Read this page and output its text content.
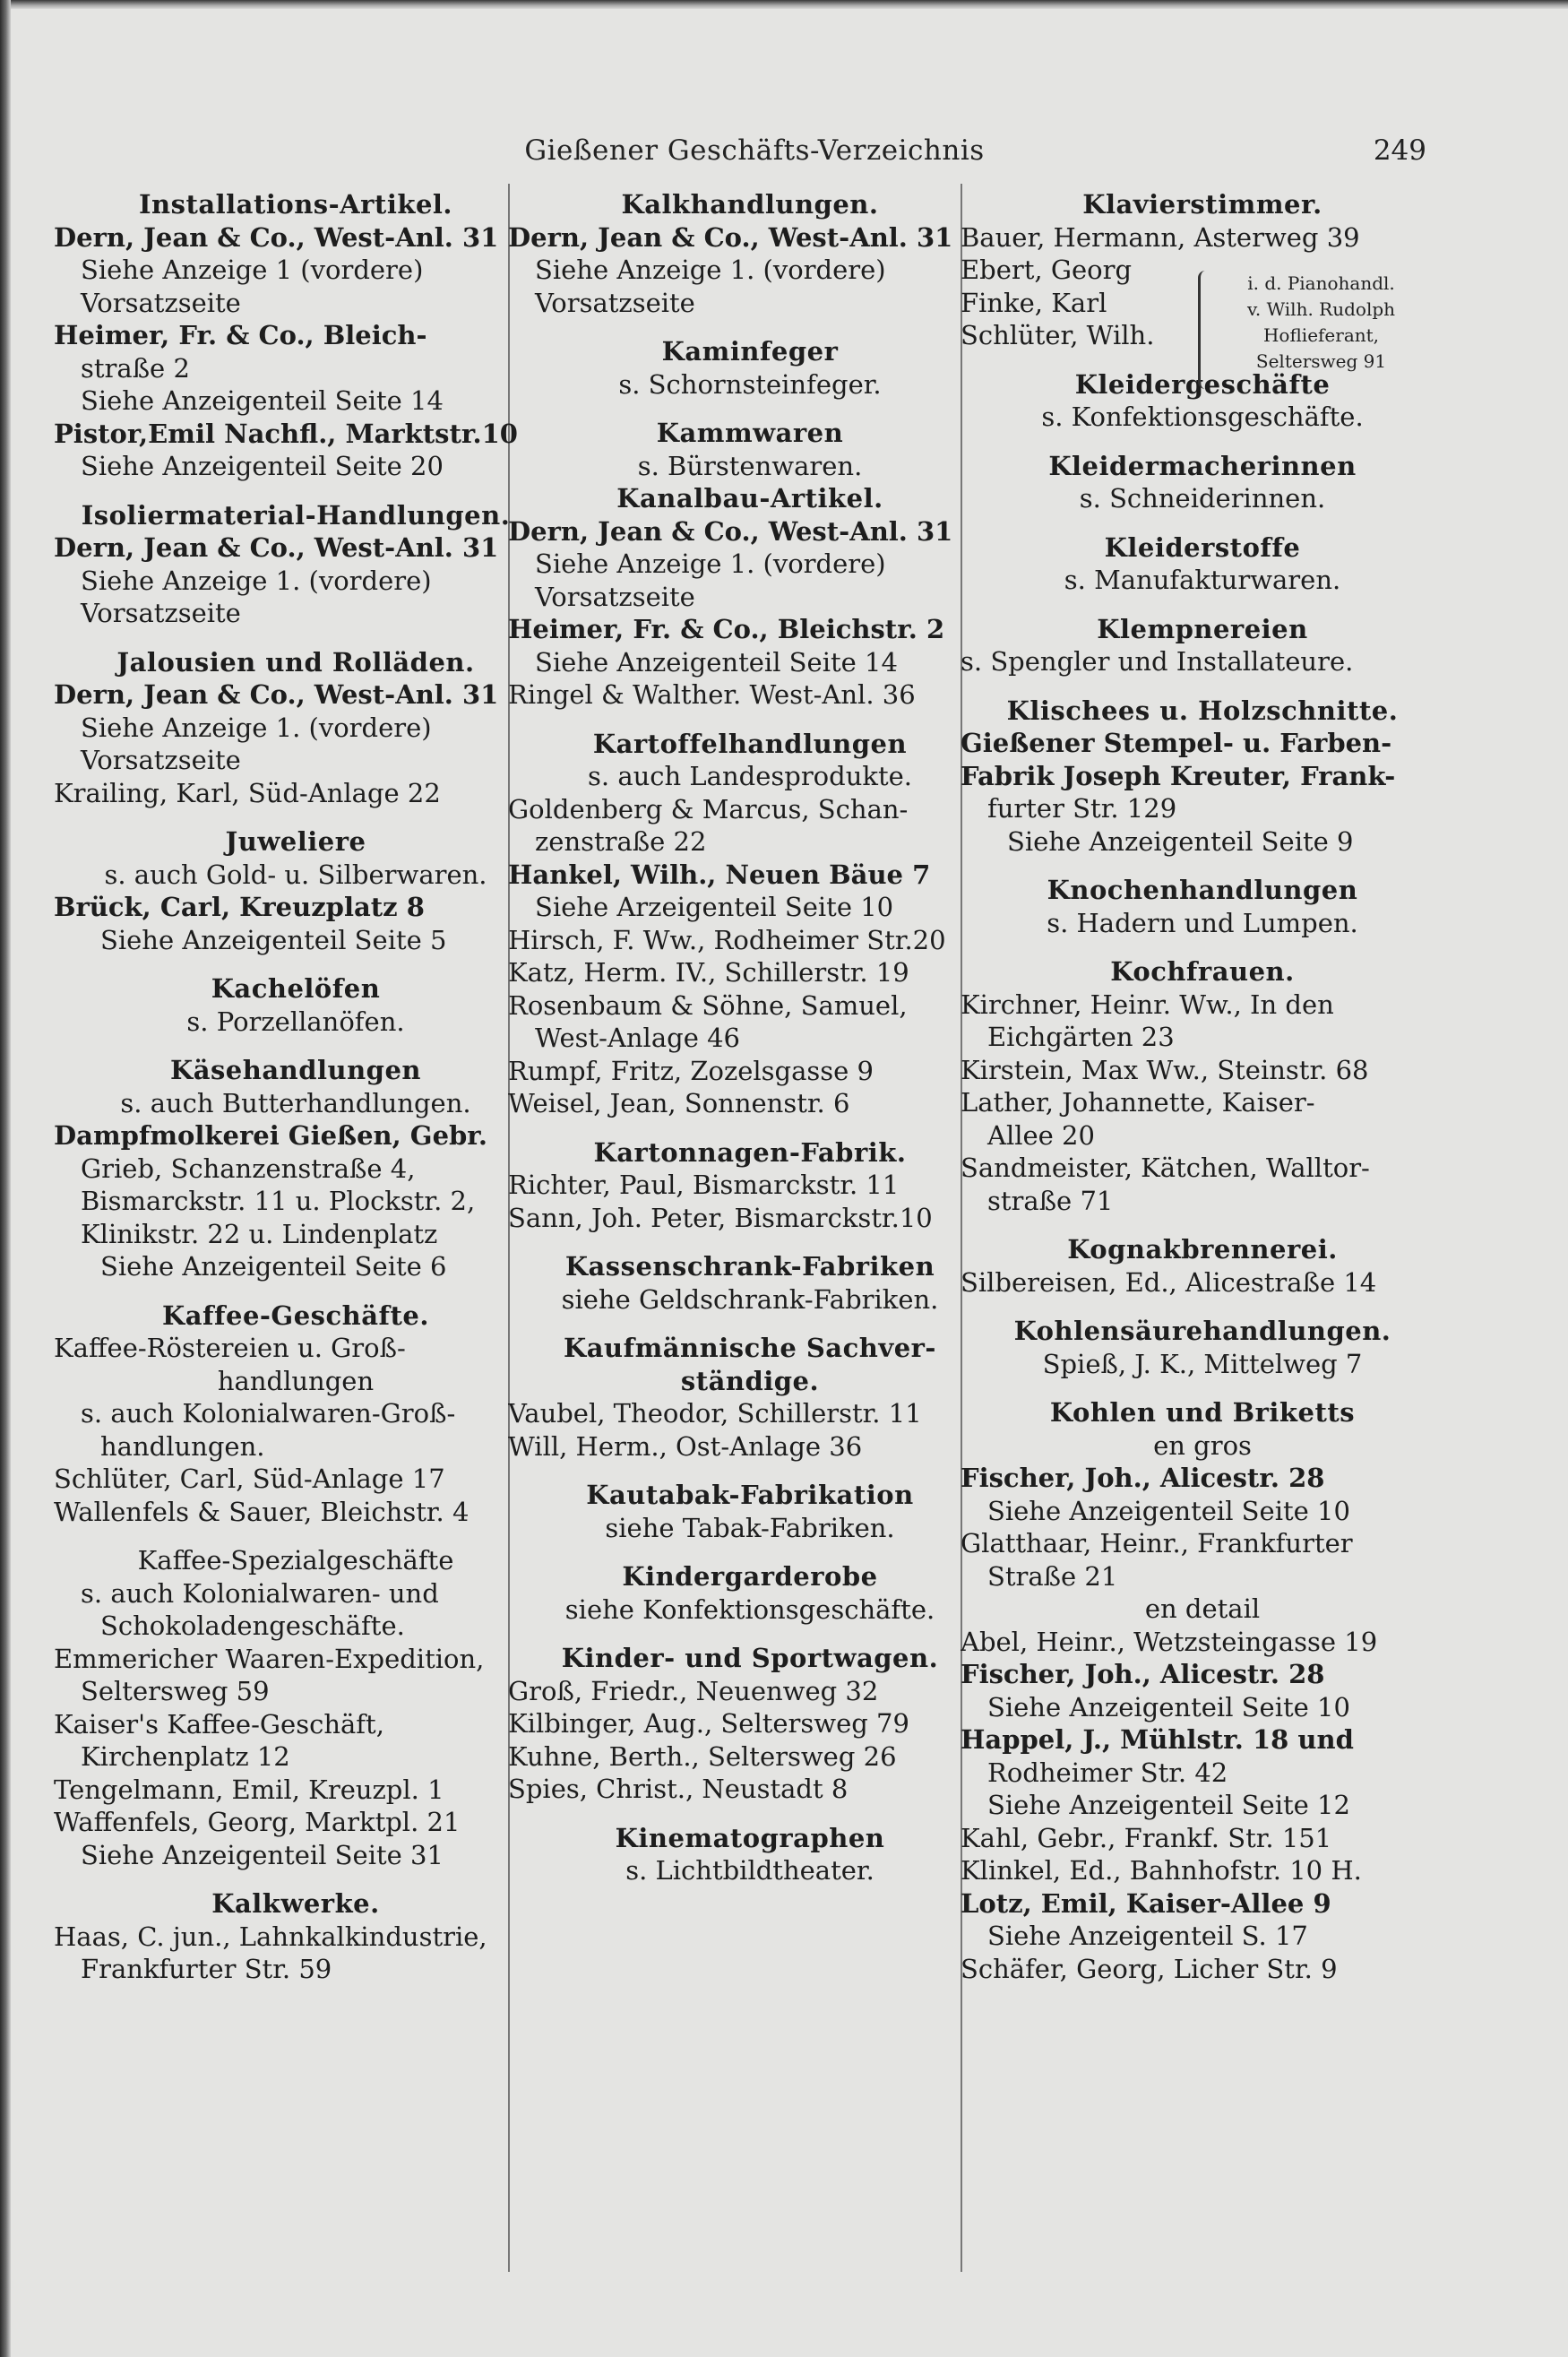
Gießener Geschäfts-Verzeichnis	249
Installations-Artikel.
Dern, Jean & Co., West-Anl. 31
Siehe Anzeige 1 (vordere)
Vorsatzseite
Heimer, Fr. & Co., Bleich-
straße 2
Siehe Anzeigenteil Seite 14
Pistor,Emil Nachfl., Marktstr.10
Siehe Anzeigenteil Seite 20
Isoliermaterial-Handlungen.
Dern, Jean & Co., West-Anl. 31
Siehe Anzeige 1. (vordere)
Vorsatzseite
Jalousien und Rolläden.
Dern, Jean & Co., West-Anl. 31
Siehe Anzeige 1. (vordere)
Vorsatzseite
Krailing, Karl, Süd-Anlage 22
Juweliere
s. auch Gold- u. Silberwaren.
Brück, Carl, Kreuzplatz 8
Siehe Anzeigenteil Seite 5
Kachelöfen
s. Porzellanöfen.
Käsehandlungen
s. auch Butterhandlungen.
Dampfmolkerei Gießen, Gebr.
Grieb, Schanzenstraße 4,
Bismarckstr. 11 u. Plockstr. 2,
Klinikstr. 22 u. Lindenplatz
Siehe Anzeigenteil Seite 6
Kaffee-Geschäfte.
Kaffee-Röstereien u. Groß-
handlungen
s. auch Kolonialwaren-Groß-
handlungen.
Schlüter, Carl, Süd-Anlage 17
Wallenfels & Sauer, Bleichstr. 4
Kaffee-Spezialgeschäfte
s. auch Kolonialwaren- und
Schokoladengeschäfte.
Emmericher Waaren-Expedition,
Seltersweg 59
Kaiser's Kaffee-Geschäft,
Kirchenplatz 12
Tengelmann, Emil, Kreuzpl. 1
Waffenfels, Georg, Marktpl. 21
Siehe Anzeigenteil Seite 31
Kalkwerke.
Haas, C. jun., Lahnkalkindustrie,
Frankfurter Str. 59
Kalkhandlungen.
Dern, Jean & Co., West-Anl. 31
Siehe Anzeige 1. (vordere)
Vorsatzseite
Kaminfeger
s. Schornsteinfeger.
Kammwaren
s. Bürstenwaren.
Kanalbau-Artikel.
Dern, Jean & Co., West-Anl. 31
Siehe Anzeige 1. (vordere)
Vorsatzseite
Heimer, Fr. & Co., Bleichstr. 2
Siehe Anzeigenteil Seite 14
Ringel & Walther. West-Anl. 36
Kartoffelhandlungen
s. auch Landesprodukte.
Goldenberg & Marcus, Schan-
zenstraße 22
Hankel, Wilh., Neuen Bäue 7
Siehe Arzeigenteil Seite 10
Hirsch, F. Ww., Rodheimer Str.20
Katz, Herm. IV., Schillerstr. 19
Rosenbaum & Söhne, Samuel,
West-Anlage 46
Rumpf, Fritz, Zozelsgasse 9
Weisel, Jean, Sonnenstr. 6
Kartonnagen-Fabrik.
Richter, Paul, Bismarckstr. 11
Sann, Joh. Peter, Bismarckstr.10
Kassenschrank-Fabriken
siehe Geldschrank-Fabriken.
Kaufmännische Sachver-
ständige.
Vaubel, Theodor, Schillerstr. 11
Will, Herm., Ost-Anlage 36
Kautabak-Fabrikation
siehe Tabak-Fabriken.
Kindergarderobe
siehe Konfektionsgeschäfte.
Kinder- und Sportwagen.
Groß, Friedr., Neuenweg 32
Kilbinger, Aug., Seltersweg 79
Kuhne, Berth., Seltersweg 26
Spies, Christ., Neustadt 8
Kinematographen
s. Lichtbildtheater.
Klavierstimmer.
Bauer, Hermann, Asterweg 39
Ebert, Georg
Finke, Karl
Schlüter, Wilh.
Kleidergeschäfte
s. Konfektionsgeschäfte.
Kleidermacherinnen
s. Schneiderinnen.
Kleiderstoffe
s. Manufakturwaren.
Klempnereien
s. Spengler und Installateure.
Klischees u. Holzschnitte.
Gießener Stempel- u. Farben-
Fabrik Joseph Kreuter, Frank-
furter Str. 129
Siehe Anzeigenteil Seite 9
Knochenhandlungen
s. Hadern und Lumpen.
Kochfrauen.
Kirchner, Heinr. Ww., In den
Eichgärten 23
Kirstein, Max Ww., Steinstr. 68
Lather, Johannette, Kaiser-
Allee 20
Sandmeister, Kätchen, Walltor-
straße 71
Kognakbrennerei.
Silbereisen, Ed., Alicestraße 14
Kohlensäurehandlungen.
Spieß, J. K., Mittelweg 7
Kohlen und Briketts
en gros
Fischer, Joh., Alicestr. 28
Siehe Anzeigenteil Seite 10
Glatthaar, Heinr., Frankfurter
Straße 21
en detail
Abel, Heinr., Wetzsteingasse 19
Fischer, Joh., Alicestr. 28
Siehe Anzeigenteil Seite 10
Happel, J., Mühlstr. 18 und
Rodheimer Str. 42
Siehe Anzeigenteil Seite 12
Kahl, Gebr., Frankf. Str. 151
Klinkel, Ed., Bahnhofstr. 10 H.
Lotz, Emil, Kaiser-Allee 9
Siehe Anzeigenteil S. 17
Schäfer, Georg, Licher Str. 9
i. d. Pianohandl.
v. Wilh. Rudolph
Hoflieferant,
Seltersweg 91
